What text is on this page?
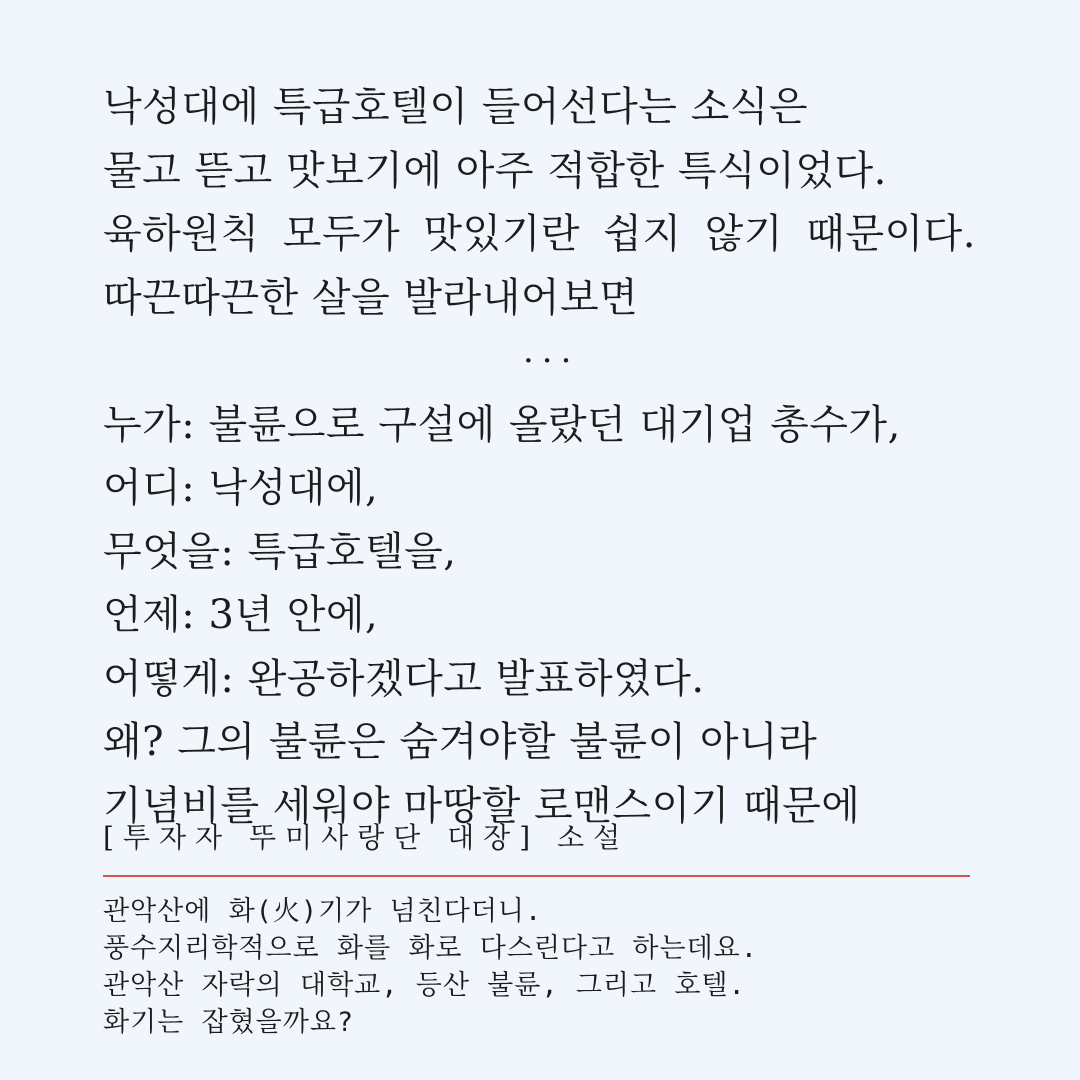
낙성대에 특급호텔이 들어선다는 소식은
물고 뜯고 맛보기에 아주 적합한 특식이었다.
육하원칙 모두가 맛있기란 쉽지 않기 때문이다.
따끈따끈한 살을 발라내어보면
···
누가: 불륜으로 구설에 올랐던 대기업 총수가,
어디: 낙성대에,
무엇을: 특급호텔을,
언제: 3년 안에,
어떻게: 완공하겠다고 발표하였다.
왜? 그의 불륜은 숨겨야할 불륜이 아니라
기념비를 세워야 마땅할 로맨스이기 때문에
[투자자 뚜미사랑단 대장] 소설
관악산에 화(火)기가 넘친다더니.
풍수지리학적으로 화를 화로 다스린다고 하는데요.
관악산 자락의 대학교, 등산 불륜, 그리고 호텔.
화기는 잡혔을까요?
